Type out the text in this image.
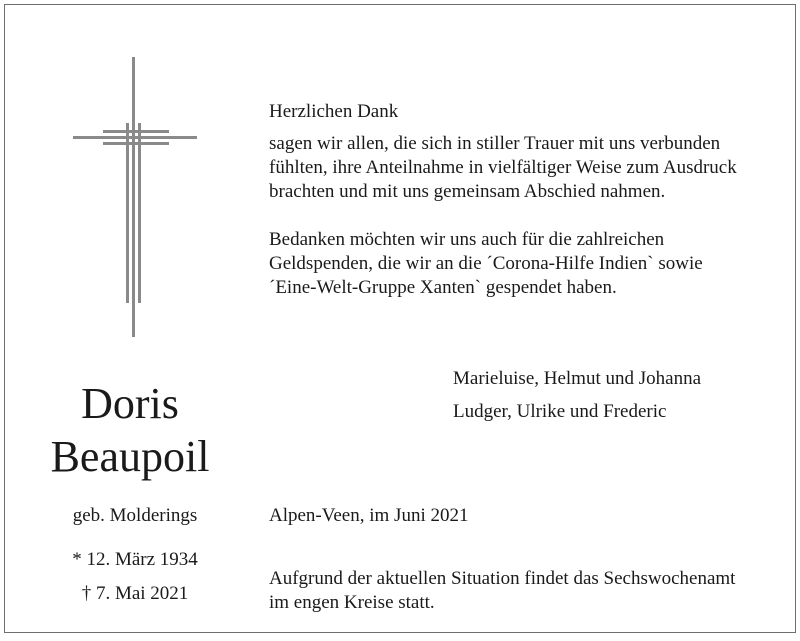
Herzlichen Dank
sagen wir allen, die sich in stiller Trauer mit uns verbunden
fühlten, ihre Anteilnahme in vielfältiger Weise zum Ausdruck
brachten und mit uns gemeinsam Abschied nahmen.
Bedanken möchten wir uns auch für die zahlreichen
Geldspenden, die wir an die ´Corona-Hilfe Indien` sowie
´Eine-Welt-Gruppe Xanten` gespendet haben.
Marieluise, Helmut und Johanna
Ludger, Ulrike und Frederic
Doris
Beaupoil
geb. Molderings
* 12. März 1934
† 7. Mai 2021
Alpen-Veen, im Juni 2021
Aufgrund der aktuellen Situation findet das Sechswochenamt
im engen Kreise statt.
